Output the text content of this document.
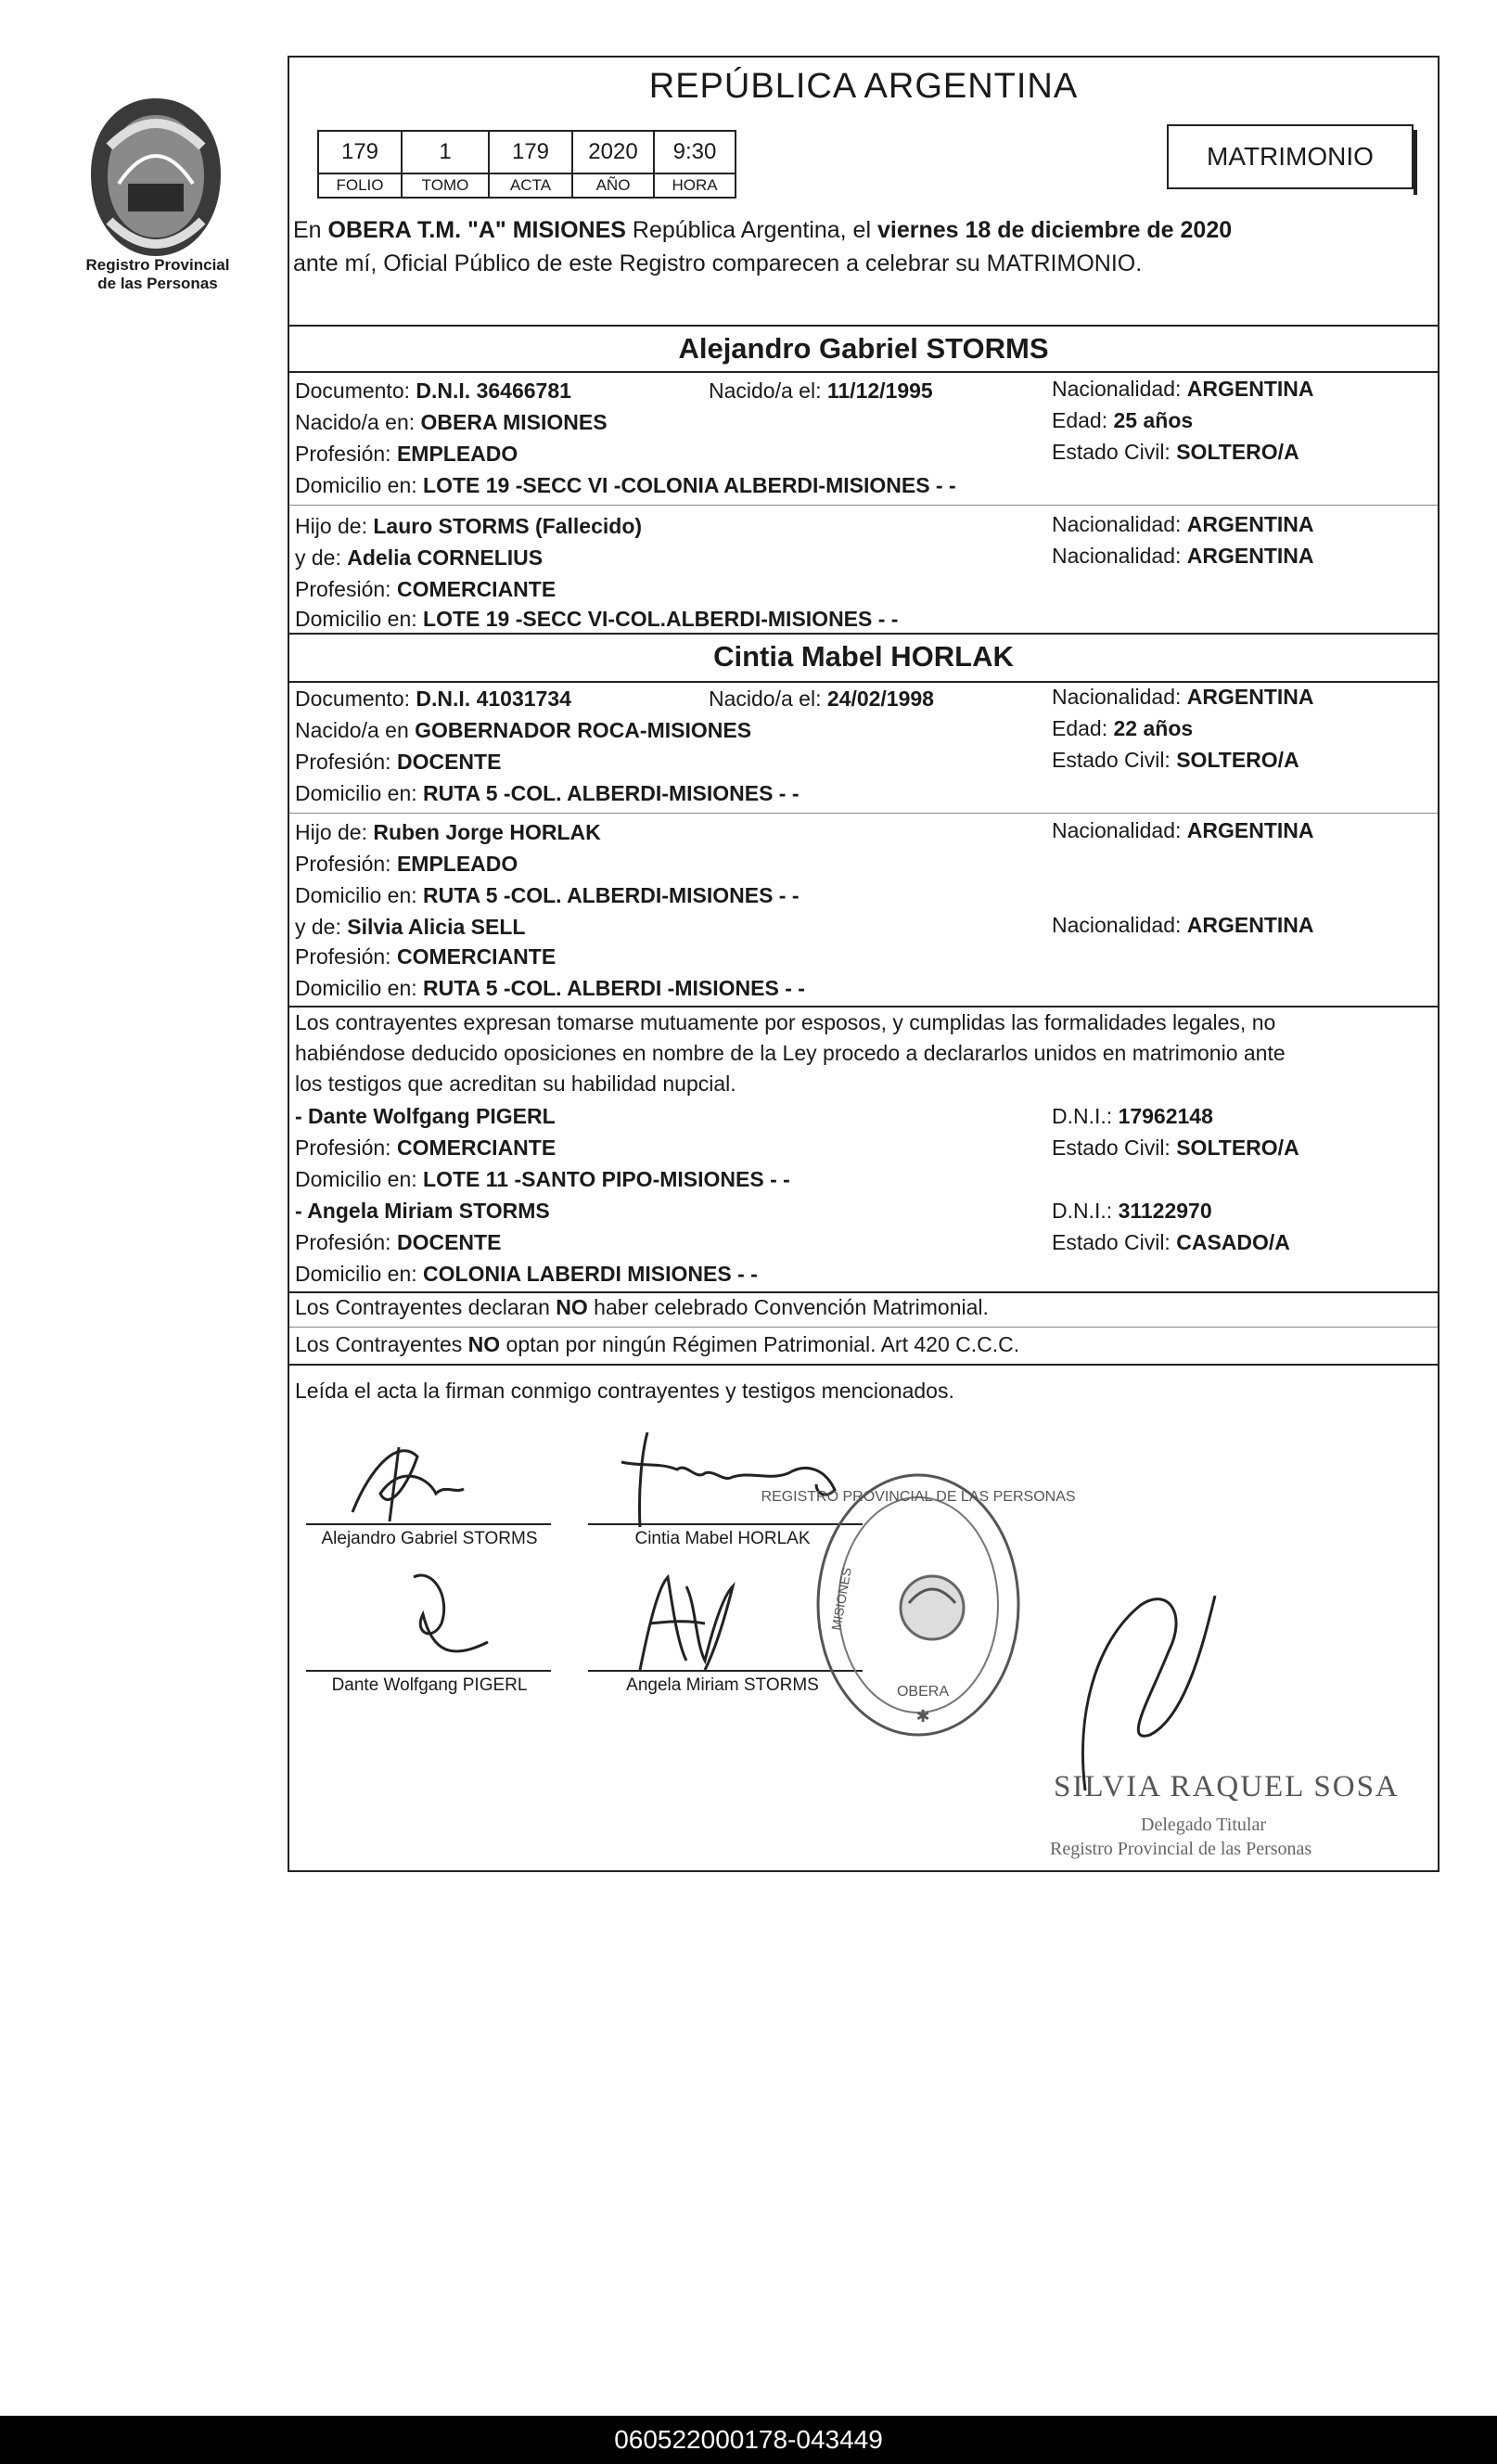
Registro Provincial
de las Personas
REPÚBLICA ARGENTINA
179	1	179	2020	9:30
FOLIO	TOMO	ACTA	AÑO	HORA
MATRIMONIO
En OBERA T.M. "A" MISIONES República Argentina, el viernes 18 de diciembre de 2020
ante mí, Oficial Público de este Registro comparecen a celebrar su MATRIMONIO.
Alejandro Gabriel STORMS
Documento: D.N.I. 36466781	Nacido/a el: 11/12/1995	Nacionalidad: ARGENTINA
Nacido/a en: OBERA MISIONES	Edad: 25 años
Profesión: EMPLEADO	Estado Civil: SOLTERO/A
Domicilio en: LOTE 19 -SECC VI -COLONIA ALBERDI-MISIONES - -
Hijo de: Lauro STORMS (Fallecido)	Nacionalidad: ARGENTINA
y de: Adelia CORNELIUS	Nacionalidad: ARGENTINA
Profesión: COMERCIANTE
Domicilio en: LOTE 19 -SECC VI-COL.ALBERDI-MISIONES - -
Cintia Mabel HORLAK
Documento: D.N.I. 41031734	Nacido/a el: 24/02/1998	Nacionalidad: ARGENTINA
Nacido/a en GOBERNADOR ROCA-MISIONES	Edad: 22 años
Profesión: DOCENTE	Estado Civil: SOLTERO/A
Domicilio en: RUTA 5 -COL. ALBERDI-MISIONES - -
Hijo de: Ruben Jorge HORLAK	Nacionalidad: ARGENTINA
Profesión: EMPLEADO
Domicilio en: RUTA 5 -COL. ALBERDI-MISIONES - -
y de: Silvia Alicia SELL	Nacionalidad: ARGENTINA
Profesión: COMERCIANTE
Domicilio en: RUTA 5 -COL. ALBERDI -MISIONES - -
Los contrayentes expresan tomarse mutuamente por esposos, y cumplidas las formalidades legales, no
habiéndose deducido oposiciones en nombre de la Ley procedo a declararlos unidos en matrimonio ante
los testigos que acreditan su habilidad nupcial.
- Dante Wolfgang PIGERL	D.N.I.: 17962148
Profesión: COMERCIANTE	Estado Civil: SOLTERO/A
Domicilio en: LOTE 11 -SANTO PIPO-MISIONES - -
- Angela Miriam STORMS	D.N.I.: 31122970
Profesión: DOCENTE	Estado Civil: CASADO/A
Domicilio en: COLONIA LABERDI MISIONES - -
Los Contrayentes declaran NO haber celebrado Convención Matrimonial.
Los Contrayentes NO optan por ningún Régimen Patrimonial. Art 420 C.C.C.
Leída el acta la firman conmigo contrayentes y testigos mencionados.
Alejandro Gabriel STORMS	Cintia Mabel HORLAK
Dante Wolfgang PIGERL	Angela Miriam STORMS
REGISTRO PROVINCIAL DE LAS PERSONAS
MISIONES
OBERA
✱
SILVIA RAQUEL SOSA
Delegado Titular
Registro Provincial de las Personas
060522000178-043449
